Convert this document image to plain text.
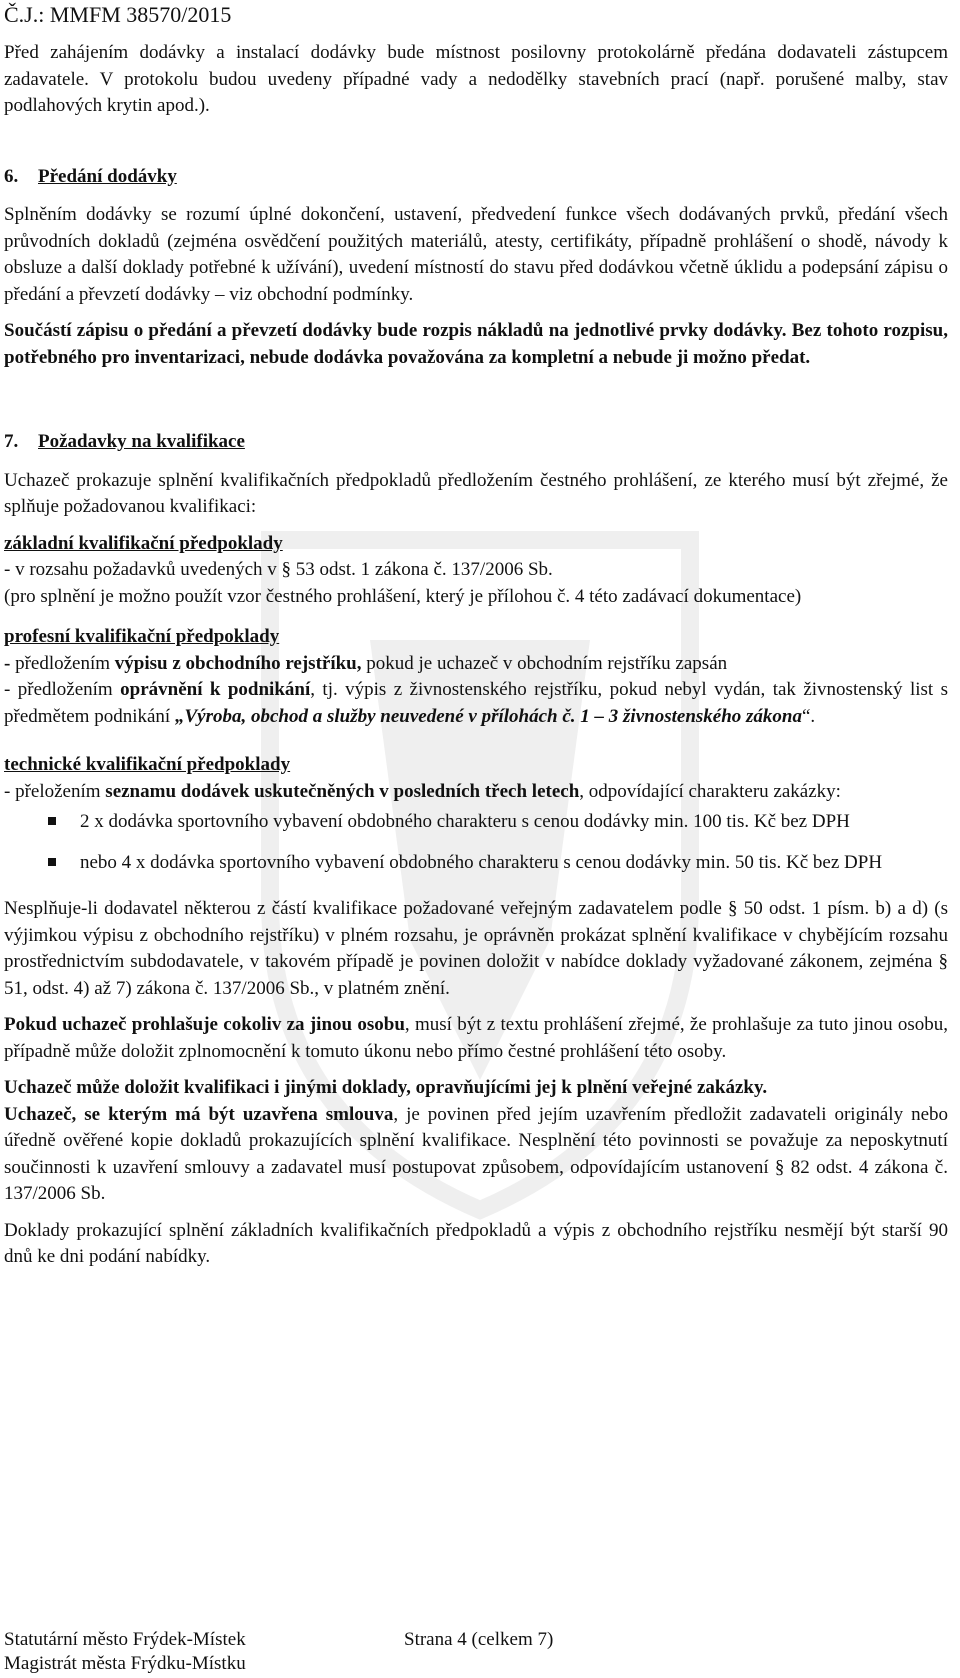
Č.J.: MMFM 38570/2015

Před zahájením dodávky a instalací dodávky bude místnost posilovny protokolárně předána dodavateli zástupcem zadavatele. V protokolu budou uvedeny případné vady a nedodělky stavebních prací (např. porušené malby, stav podlahových krytin apod.).

6. Předání dodávky

Splněním dodávky se rozumí úplné dokončení, ustavení, předvedení funkce všech dodávaných prvků, předání všech průvodních dokladů (zejména osvědčení použitých materiálů, atesty, certifikáty, případně prohlášení o shodě, návody k obsluze a další doklady potřebné k užívání), uvedení místností do stavu před dodávkou včetně úklidu a podepsání zápisu o předání a převzetí dodávky – viz obchodní podmínky.

Součástí zápisu o předání a převzetí dodávky bude rozpis nákladů na jednotlivé prvky dodávky. Bez tohoto rozpisu, potřebného pro inventarizaci, nebude dodávka považována za kompletní a nebude ji možno předat.

7. Požadavky na kvalifikace

Uchazeč prokazuje splnění kvalifikačních předpokladů předložením čestného prohlášení, ze kterého musí být zřejmé, že splňuje požadovanou kvalifikaci:

základní kvalifikační předpoklady

- v rozsahu požadavků uvedených v § 53 odst. 1 zákona č. 137/2006 Sb.

(pro splnění je možno použít vzor čestného prohlášení, který je přílohou č. 4 této zadávací dokumentace)

profesní kvalifikační předpoklady

- předložením výpisu z obchodního rejstříku, pokud je uchazeč v obchodním rejstříku zapsán

- předložením oprávnění k podnikání, tj. výpis z živnostenského rejstříku, pokud nebyl vydán, tak živnostenský list s předmětem podnikání „Výroba, obchod a služby neuvedené v přílohách č. 1 – 3 živnostenského zákona“.

technické kvalifikační předpoklady

- přeložením seznamu dodávek uskutečněných v posledních třech letech, odpovídající charakteru zakázky:

2 x dodávka sportovního vybavení obdobného charakteru s cenou dodávky min. 100 tis. Kč bez DPH
nebo 4 x dodávka sportovního vybavení obdobného charakteru s cenou dodávky min. 50 tis. Kč bez DPH

Nesplňuje-li dodavatel některou z částí kvalifikace požadované veřejným zadavatelem podle § 50 odst. 1 písm. b) a d) (s výjimkou výpisu z obchodního rejstříku) v plném rozsahu, je oprávněn prokázat splnění kvalifikace v chybějícím rozsahu prostřednictvím subdodavatele, v takovém případě je povinen doložit v nabídce doklady vyžadované zákonem, zejména § 51, odst. 4) až 7) zákona č. 137/2006 Sb., v platném znění.

Pokud uchazeč prohlašuje cokoliv za jinou osobu, musí být z textu prohlášení zřejmé, že prohlašuje za tuto jinou osobu, případně může doložit zplnomocnění k tomuto úkonu nebo přímo čestné prohlášení této osoby.

Uchazeč může doložit kvalifikaci i jinými doklady, opravňujícími jej k plnění veřejné zakázky.

Uchazeč, se kterým má být uzavřena smlouva, je povinen před jejím uzavřením předložit zadavateli originály nebo úředně ověřené kopie dokladů prokazujících splnění kvalifikace. Nesplnění této povinnosti se považuje za neposkytnutí součinnosti k uzavření smlouvy a zadavatel musí postupovat způsobem, odpovídajícím ustanovení § 82 odst. 4 zákona č. 137/2006 Sb.

Doklady prokazující splnění základních kvalifikačních předpokladů a výpis z obchodního rejstříku nesmějí být starší 90 dnů ke dni podání nabídky.

Statutární město Frýdek-Místek	Strana 4 (celkem 7)
Magistrát města Frýdku-Místku
